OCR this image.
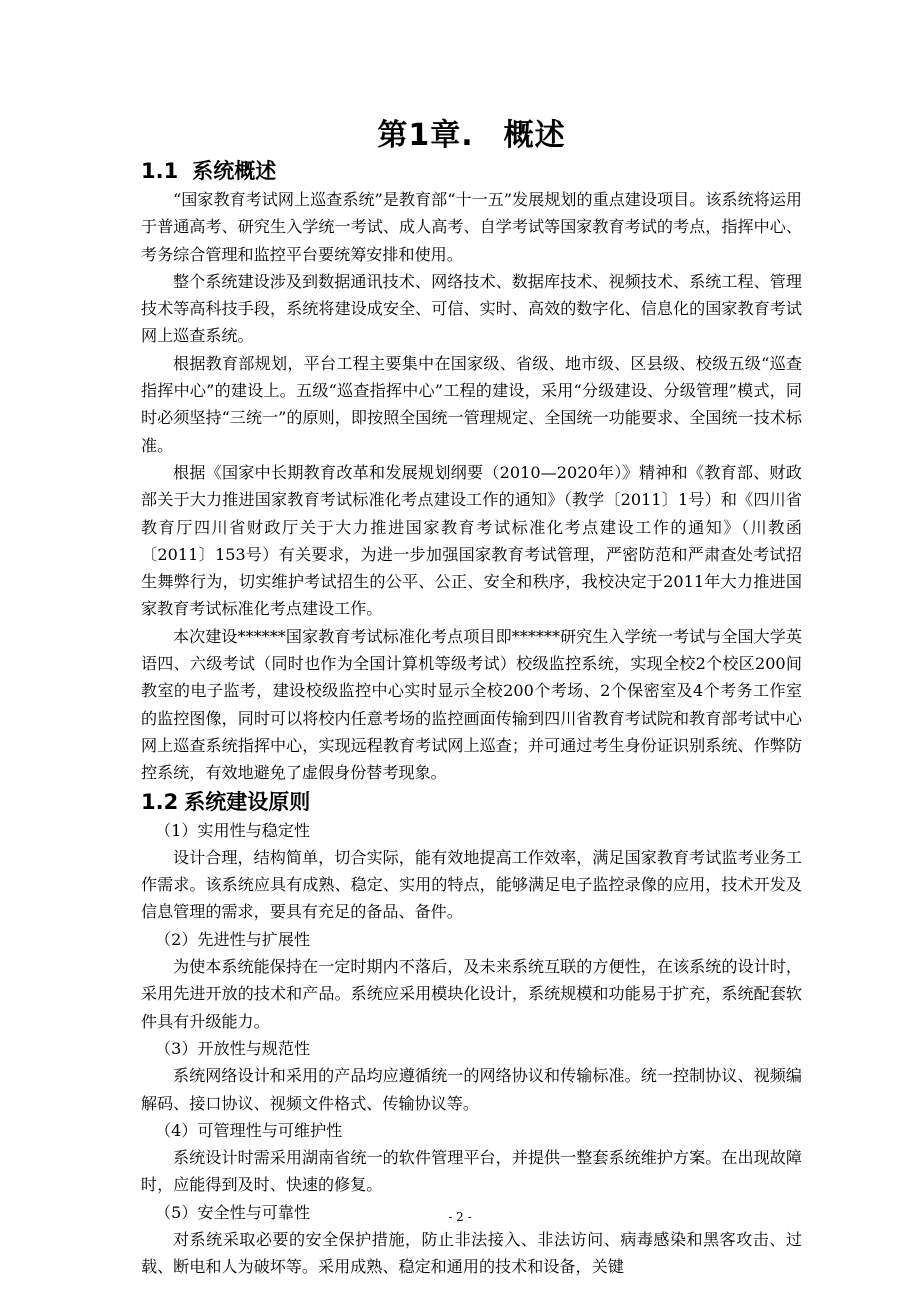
第1章. 概述
1.1 系统概述

“国家教育考试网上巡查系统”是教育部“十一五”发展规划的重点建设项目。该系统将运用于普通高考、研究生入学统一考试、成人高考、自学考试等国家教育考试的考点，指挥中心、考务综合管理和监控平台要统筹安排和使用。

整个系统建设涉及到数据通讯技术、网络技术、数据库技术、视频技术、系统工程、管理技术等高科技手段，系统将建设成安全、可信、实时、高效的数字化、信息化的国家教育考试网上巡查系统。

根据教育部规划，平台工程主要集中在国家级、省级、地市级、区县级、校级五级“巡查指挥中心”的建设上。五级“巡查指挥中心”工程的建设，采用“分级建设、分级管理”模式，同时必须坚持“三统一”的原则，即按照全国统一管理规定、全国统一功能要求、全国统一技术标准。

根据《国家中长期教育改革和发展规划纲要（2010—2020年）》精神和《教育部、财政部关于大力推进国家教育考试标准化考点建设工作的通知》（教学〔2011〕1号）和《四川省教育厅四川省财政厅关于大力推进国家教育考试标准化考点建设工作的通知》（川教函〔2011〕153号）有关要求，为进一步加强国家教育考试管理，严密防范和严肃查处考试招生舞弊行为，切实维护考试招生的公平、公正、安全和秩序，我校决定于2011年大力推进国家教育考试标准化考点建设工作。

本次建设******国家教育考试标准化考点项目即******研究生入学统一考试与全国大学英语四、六级考试（同时也作为全国计算机等级考试）校级监控系统，实现全校2个校区200间教室的电子监考，建设校级监控中心实时显示全校200个考场、2个保密室及4个考务工作室的监控图像，同时可以将校内任意考场的监控画面传输到四川省教育考试院和教育部考试中心网上巡查系统指挥中心，实现远程教育考试网上巡查；并可通过考生身份证识别系统、作弊防控系统，有效地避免了虚假身份替考现象。

1.2 系统建设原则

（1）实用性与稳定性

设计合理，结构简单，切合实际，能有效地提高工作效率，满足国家教育考试监考业务工作需求。该系统应具有成熟、稳定、实用的特点，能够满足电子监控录像的应用，技术开发及信息管理的需求，要具有充足的备品、备件。

（2）先进性与扩展性

为使本系统能保持在一定时期内不落后，及未来系统互联的方便性，在该系统的设计时，采用先进开放的技术和产品。系统应采用模块化设计，系统规模和功能易于扩充，系统配套软件具有升级能力。

（3）开放性与规范性

系统网络设计和采用的产品均应遵循统一的网络协议和传输标准。统一控制协议、视频编解码、接口协议、视频文件格式、传输协议等。

（4）可管理性与可维护性

系统设计时需采用湖南省统一的软件管理平台，并提供一整套系统维护方案。在出现故障时，应能得到及时、快速的修复。

（5）安全性与可靠性

对系统采取必要的安全保护措施，防止非法接入、非法访问、病毒感染和黑客攻击、过载、断电和人为破坏等。采用成熟、稳定和通用的技术和设备，关键

- 2 -
